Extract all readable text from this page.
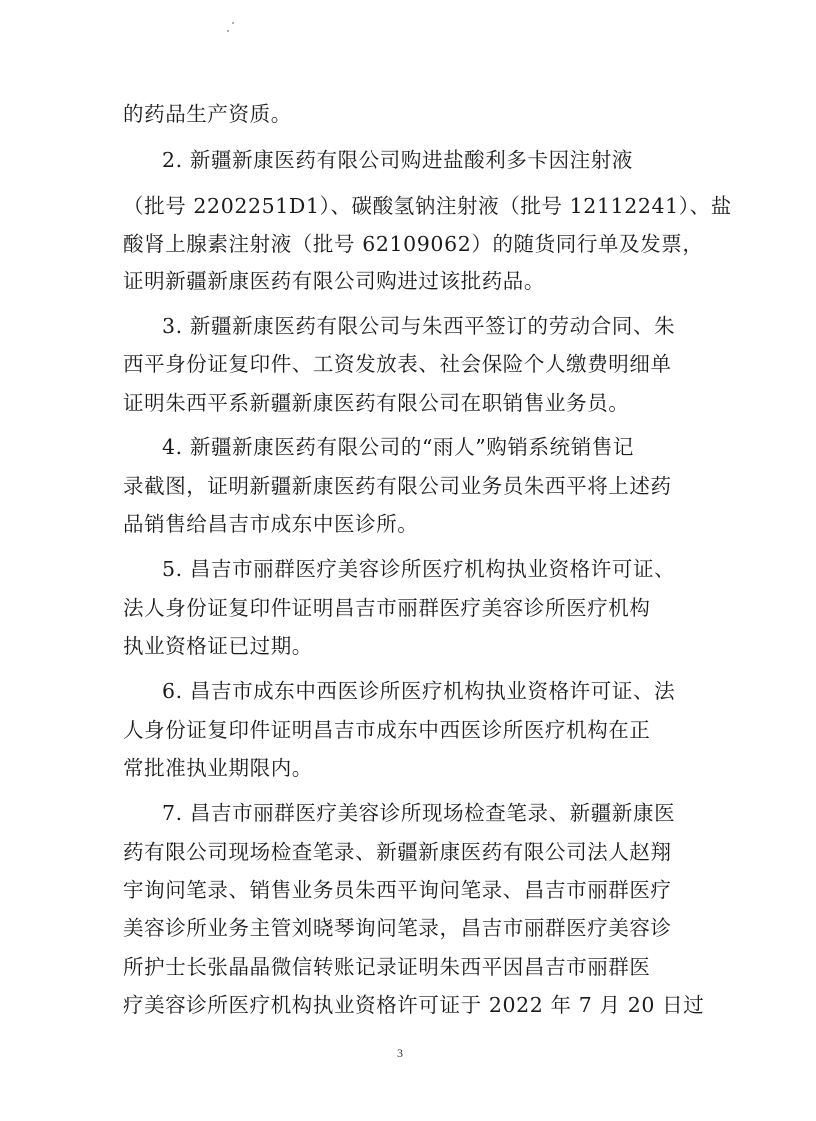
的药品生产资质。
2. 新疆新康医药有限公司购进盐酸利多卡因注射液
（批号 2202251D1）、碳酸氢钠注射液（批号 12112241）、盐
酸肾上腺素注射液（批号 62109062）的随货同行单及发票，
证明新疆新康医药有限公司购进过该批药品。
3. 新疆新康医药有限公司与朱西平签订的劳动合同、朱
西平身份证复印件、工资发放表、社会保险个人缴费明细单
证明朱西平系新疆新康医药有限公司在职销售业务员。
4. 新疆新康医药有限公司的“雨人”购销系统销售记
录截图，证明新疆新康医药有限公司业务员朱西平将上述药
品销售给昌吉市成东中医诊所。
5. 昌吉市丽群医疗美容诊所医疗机构执业资格许可证、
法人身份证复印件证明昌吉市丽群医疗美容诊所医疗机构
执业资格证已过期。
6. 昌吉市成东中西医诊所医疗机构执业资格许可证、法
人身份证复印件证明昌吉市成东中西医诊所医疗机构在正
常批准执业期限内。
7. 昌吉市丽群医疗美容诊所现场检查笔录、新疆新康医
药有限公司现场检查笔录、新疆新康医药有限公司法人赵翔
宇询问笔录、销售业务员朱西平询问笔录、昌吉市丽群医疗
美容诊所业务主管刘晓琴询问笔录，昌吉市丽群医疗美容诊
所护士长张晶晶微信转账记录证明朱西平因昌吉市丽群医
疗美容诊所医疗机构执业资格许可证于 2022 年 7 月 20 日过
3
